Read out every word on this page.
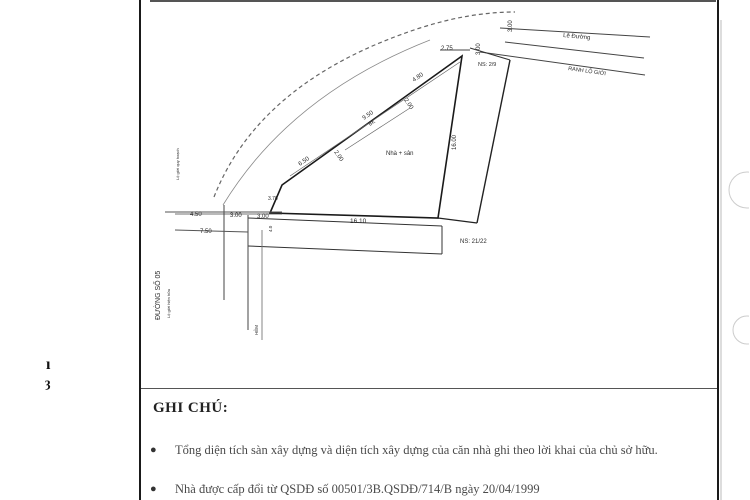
Lê Đường
RANH LỘ GIỚI
NS: 2/9
Nhà + sân
BK
NS: 21/22
ĐƯỜNG SỐ 05 Lộ giới hiện hữu
Lộ giới quy hoạch
HẺM
2.75	3.00
3.00
16.00
16.10
4.80
9.50
6.50
2.00
2.00
3.70
4.50	3.00	3.00
7.50	4.0
GHI CHÚ:
●	Tổng diện tích sàn xây dựng và diện tích xây dựng của căn nhà ghi theo lời khai của chủ sở hữu.
●	Nhà được cấp đổi từ QSDĐ số 00501/3B.QSDĐ/714/B ngày 20/04/1999
ı
ȝ
